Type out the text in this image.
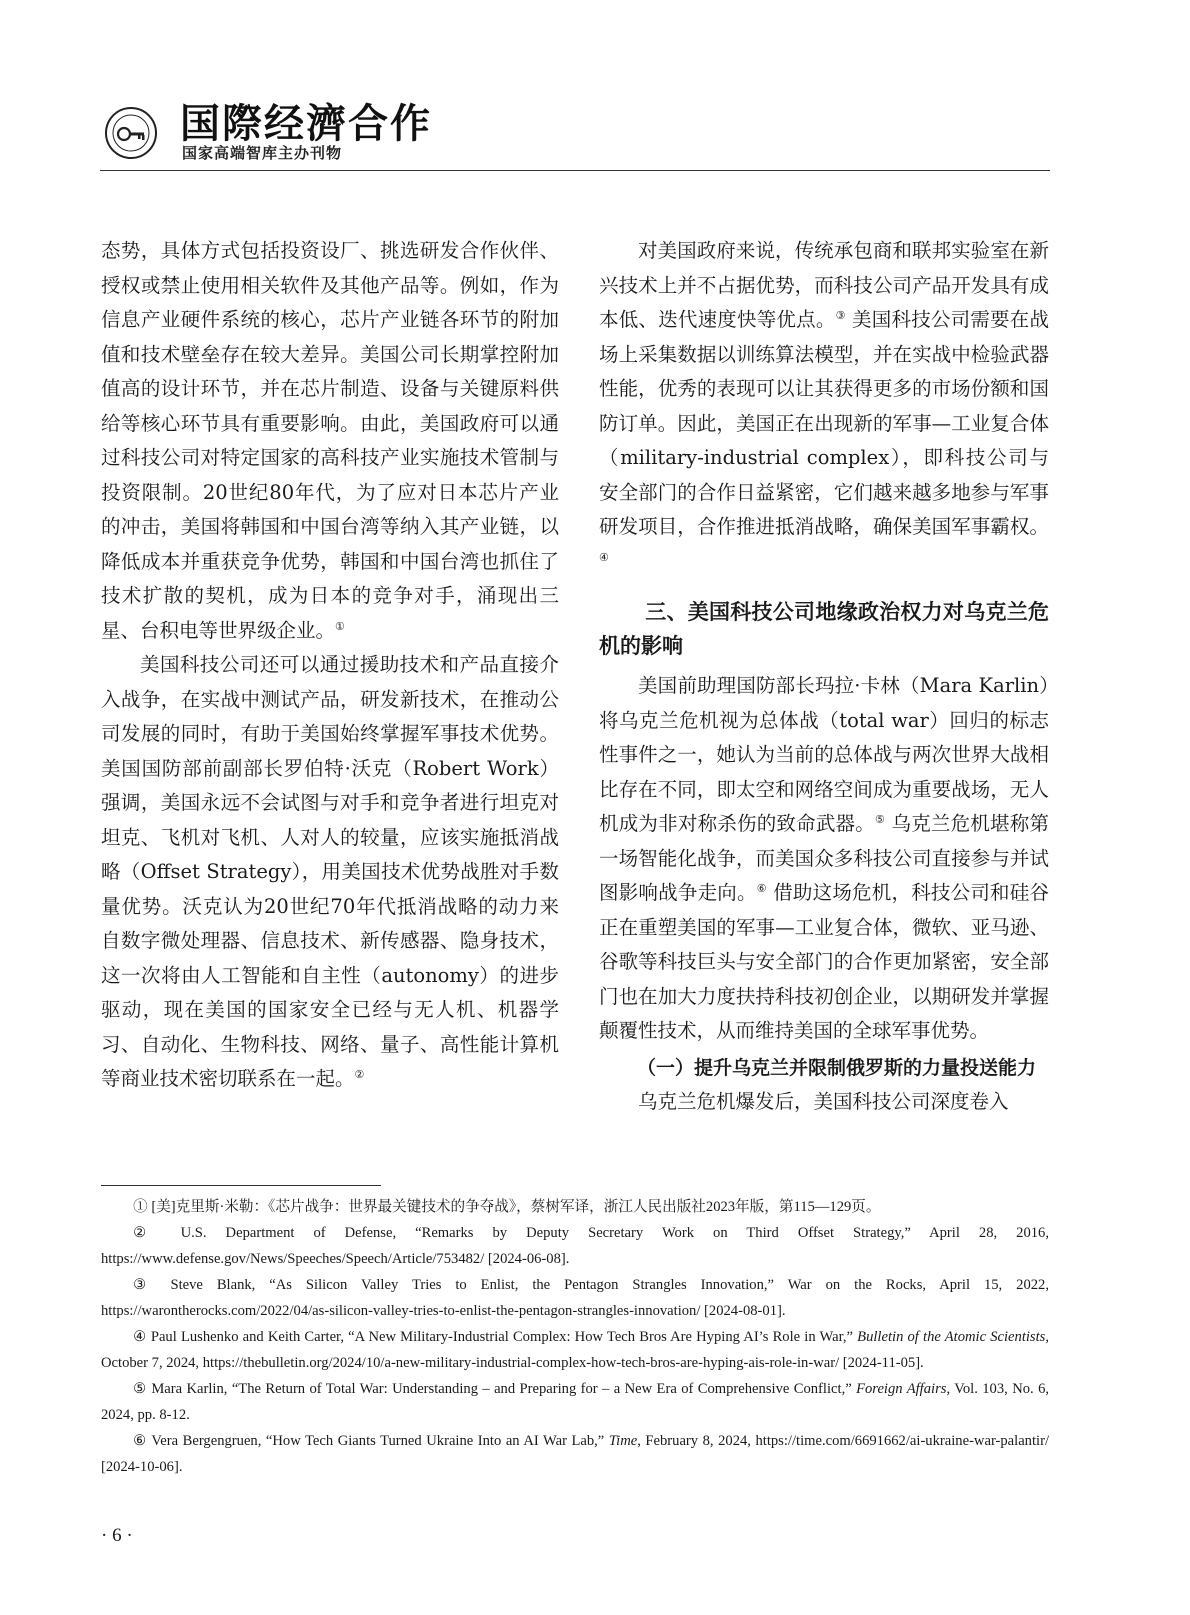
国際经濟合作
国家高端智库主办刊物

态势，具体方式包括投资设厂、挑选研发合作伙伴、授权或禁止使用相关软件及其他产品等。例如，作为信息产业硬件系统的核心，芯片产业链各环节的附加值和技术壁垒存在较大差异。美国公司长期掌控附加值高的设计环节，并在芯片制造、设备与关键原料供给等核心环节具有重要影响。由此，美国政府可以通过科技公司对特定国家的高科技产业实施技术管制与投资限制。20世纪80年代，为了应对日本芯片产业的冲击，美国将韩国和中国台湾等纳入其产业链，以降低成本并重获竞争优势，韩国和中国台湾也抓住了技术扩散的契机，成为日本的竞争对手，涌现出三星、台积电等世界级企业。①

美国科技公司还可以通过援助技术和产品直接介入战争，在实战中测试产品，研发新技术，在推动公司发展的同时，有助于美国始终掌握军事技术优势。美国国防部前副部长罗伯特·沃克（Robert Work）强调，美国永远不会试图与对手和竞争者进行坦克对坦克、飞机对飞机、人对人的较量，应该实施抵消战略（Offset Strategy），用美国技术优势战胜对手数量优势。沃克认为20世纪70年代抵消战略的动力来自数字微处理器、信息技术、新传感器、隐身技术，这一次将由人工智能和自主性（autonomy）的进步驱动，现在美国的国家安全已经与无人机、机器学习、自动化、生物科技、网络、量子、高性能计算机等商业技术密切联系在一起。②

对美国政府来说，传统承包商和联邦实验室在新兴技术上并不占据优势，而科技公司产品开发具有成本低、迭代速度快等优点。③ 美国科技公司需要在战场上采集数据以训练算法模型，并在实战中检验武器性能，优秀的表现可以让其获得更多的市场份额和国防订单。因此，美国正在出现新的军事—工业复合体（military-industrial complex），即科技公司与安全部门的合作日益紧密，它们越来越多地参与军事研发项目，合作推进抵消战略，确保美国军事霸权。④

三、美国科技公司地缘政治权力对乌克兰危机的影响

美国前助理国防部长玛拉·卡林（Mara Karlin）将乌克兰危机视为总体战（total war）回归的标志性事件之一，她认为当前的总体战与两次世界大战相比存在不同，即太空和网络空间成为重要战场，无人机成为非对称杀伤的致命武器。⑤ 乌克兰危机堪称第一场智能化战争，而美国众多科技公司直接参与并试图影响战争走向。⑥ 借助这场危机，科技公司和硅谷正在重塑美国的军事—工业复合体，微软、亚马逊、谷歌等科技巨头与安全部门的合作更加紧密，安全部门也在加大力度扶持科技初创企业，以期研发并掌握颠覆性技术，从而维持美国的全球军事优势。

（一）提升乌克兰并限制俄罗斯的力量投送能力

乌克兰危机爆发后，美国科技公司深度卷入

① [美]克里斯·米勒：《芯片战争：世界最关键技术的争夺战》，蔡树军译，浙江人民出版社2023年版，第115—129页。

② U.S. Department of Defense, “Remarks by Deputy Secretary Work on Third Offset Strategy,” April 28, 2016, https://www.defense.gov/News/Speeches/Speech/Article/753482/ [2024-06-08].

③ Steve Blank, “As Silicon Valley Tries to Enlist, the Pentagon Strangles Innovation,” War on the Rocks, April 15, 2022, https://warontherocks.com/2022/04/as-silicon-valley-tries-to-enlist-the-pentagon-strangles-innovation/ [2024-08-01].

④ Paul Lushenko and Keith Carter, “A New Military-Industrial Complex: How Tech Bros Are Hyping AI’s Role in War,” Bulletin of the Atomic Scientists, October 7, 2024, https://thebulletin.org/2024/10/a-new-military-industrial-complex-how-tech-bros-are-hyping-ais-role-in-war/ [2024-11-05].

⑤ Mara Karlin, “The Return of Total War: Understanding – and Preparing for – a New Era of Comprehensive Conflict,” Foreign Affairs, Vol. 103, No. 6, 2024, pp. 8-12.

⑥ Vera Bergengruen, “How Tech Giants Turned Ukraine Into an AI War Lab,” Time, February 8, 2024, https://time.com/6691662/ai-ukraine-war-palantir/ [2024-10-06].

· 6 ·
